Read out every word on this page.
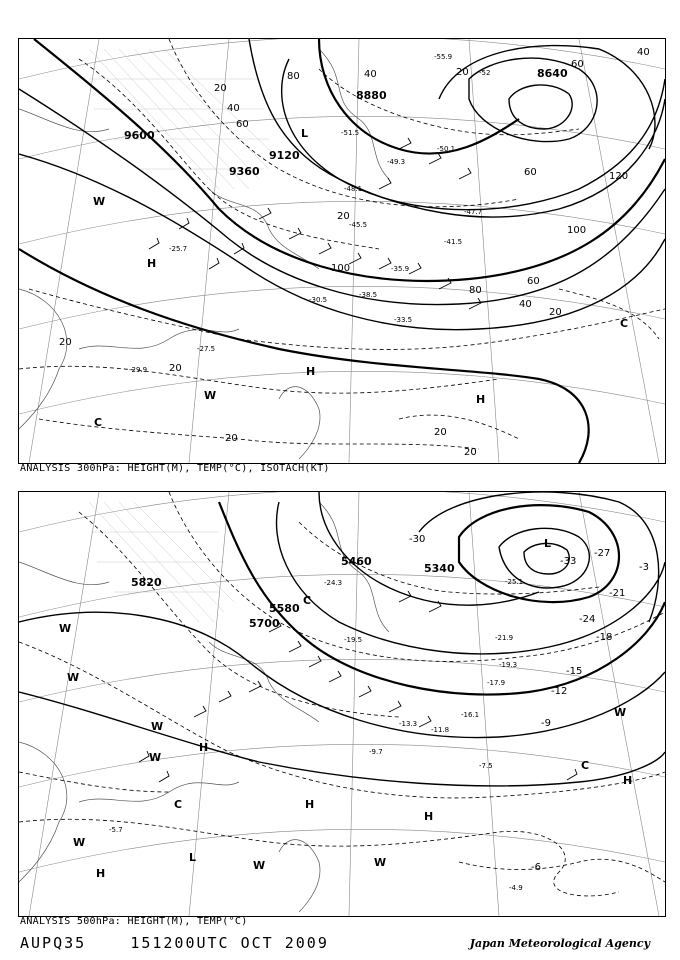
9600
9360
9120
8880
8640
20
20
20
20
20
20
20
20
20
40
40
40
40
60
60
60
60
80
80
100
100
120
-55.9
-52
-51.5
-50.1
-49.3
-48.1
-47.7
-45.5
-41.5
-38.5
-35.9
-33.5
-30.5
-29.9
-27.5
-25.7
H
H
H
C
C
W
W
L
ANALYSIS 300hPa: HEIGHT(M), TEMP(°C), ISOTACH(KT)
5820
5700
5580
5460
5340
-30
-33
-27
-24
-21
-18
-15
-12
-9
-6
-3
-25.1
-24.3
-21.9
-19.5
-19.3
-17.9
-16.1
-13.3
-11.8
-9.7
-7.5
-5.7
-4.9
H
H
H
H
H
L
L
C
C
C
W
W
W
W
W
W	W
W
ANALYSIS 500hPa: HEIGHT(M), TEMP(°C)
AUPQ35	151200UTC OCT 2009	Japan Meteorological Agency
